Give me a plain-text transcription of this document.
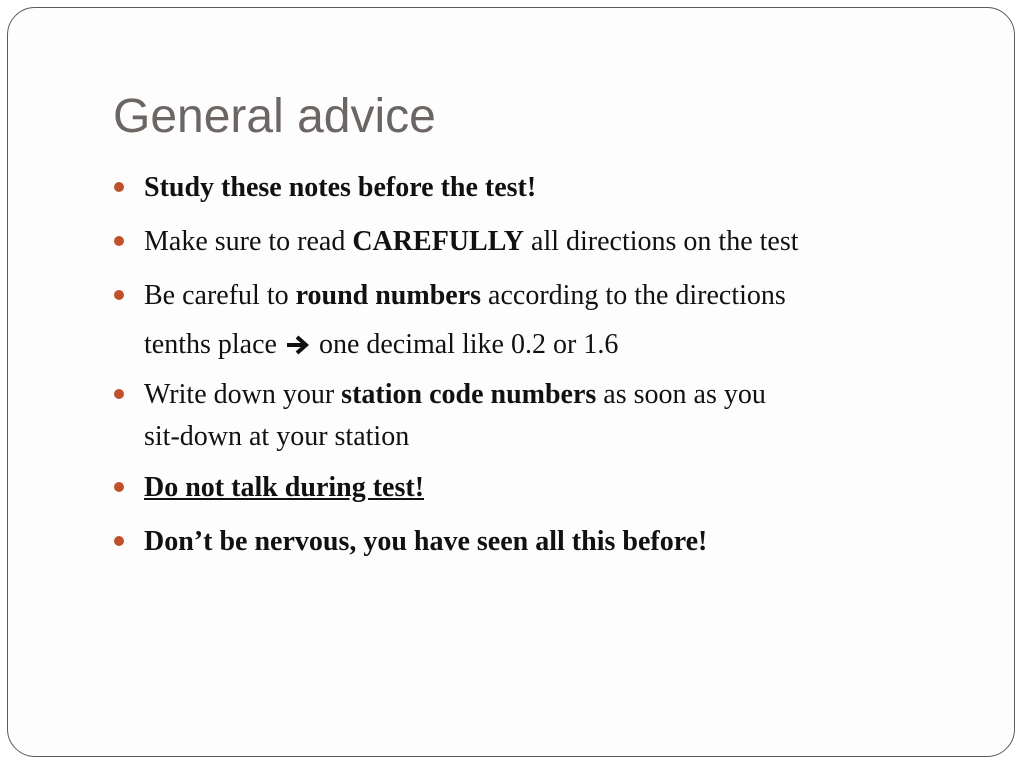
General advice
Study these notes before the test!
Make sure to read CAREFULLY all directions on the test
Be careful to round numbers according to the directions
tenths place  one decimal like 0.2 or 1.6
Write down your station code numbers as soon as you
sit-down at your station
Do not talk during test!
Don’t be nervous, you have seen all this before!
